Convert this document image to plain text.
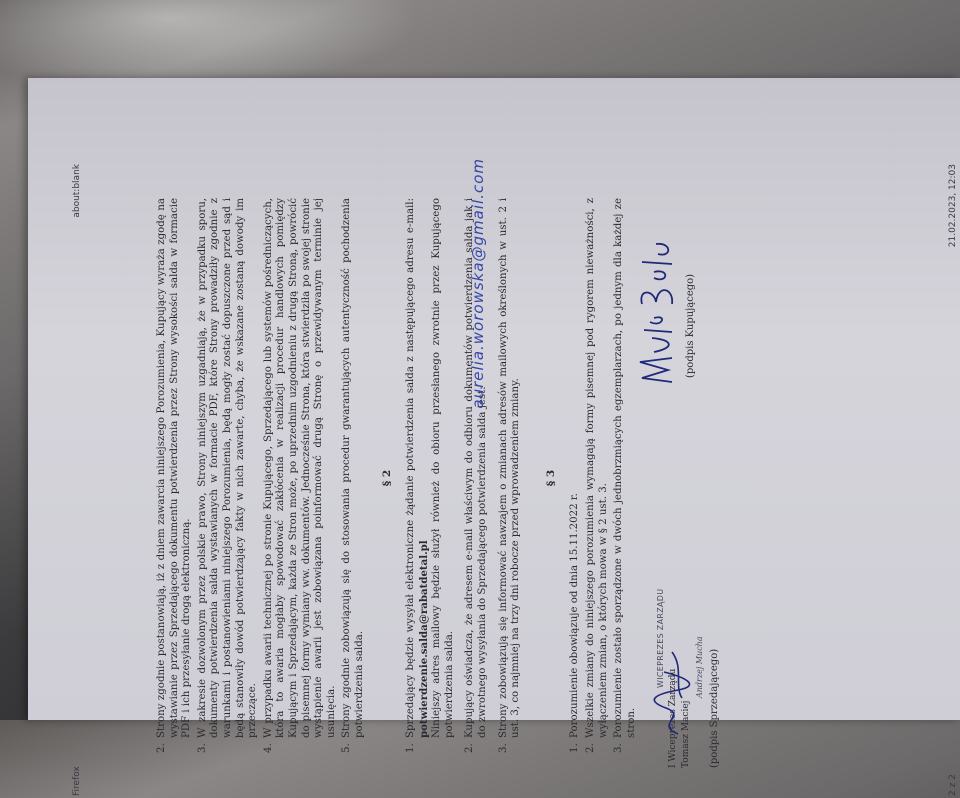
Firefox
about:blank
2. Strony zgodnie postanowiają, iż z dniem zawarcia niniejszego Porozumienia, Kupujący wyraża zgodę na wystawianie przez Sprzedającego dokumentu potwierdzenia przez Strony wysokości salda w formacie PDF i ich przesyłanie drogą elektroniczną. 3. W zakresie dozwolonym przez polskie prawo, Strony niniejszym uzgadniają, że w przypadku sporu, dokumenty potwierdzenia salda wystawianych w formacie PDF, które Strony prowadziły zgodnie z warunkami i postanowieniami niniejszego Porozumienia, będą mogły zostać dopuszczone przed sąd i będą stanowiły dowód potwierdzający fakty w nich zawarte, chyba, że wskazane zostaną dowody im przeczące. 4. W przypadku awarii technicznej po stronie Kupującego, Sprzedającego lub systemów pośredniczących, która to awaria mogłaby spowodować zakłócenia w realizacji procedur handlowych pomiędzy Kupującym i Sprzedającym, każda ze Stron może, po uprzednim uzgodnieniu z drugą Stroną, powrócić do pisemnej formy wymiany ww. dokumentów. Jednocześnie Strona, która stwierdziła po swojej stronie wystąpienie awarii jest zobowiązana poinformować drugą Stronę o przewidywanym terminie jej usunięcia. 5. Strony zgodnie zobowiązują się do stosowania procedur gwarantujących autentyczność pochodzenia potwierdzenia salda.
§ 2 1. Sprzedający będzie wysyłał elektroniczne żądanie potwierdzenia salda z następującego adresu e-mail: potwierdzenie.salda@rabatdetal.pl Niniejszy adres mailowy będzie służył również do obioru przesłanego zwrotnie przez Kupującego potwierdzenia salda. 2. Kupujący oświadcza, że adresem e-mail właściwym do odbioru dokumentów potwierdzenia salda jak i do zwrotnego wysyłania do Sprzedającego potwierdzenia salda jest:
aurelia.worowska@gmail.com 3. Strony zobowiązują się informować nawzajem o zmianach adresów mailowych określonych w ust. 2 i ust. 3, co najmniej na trzy dni robocze przed wprowadzeniem zmiany. § 3
1. Porozumienie obowiązuje od dnia 15.11.2022 r. 2. Wszelkie zmiany do niniejszego porozumienia wymagają formy pisemnej pod rygorem nieważności, z wyłączeniem zmian, o których mowa w § 2 ust. 3. 3. Porozumienie zostało sporządzone w dwóch jednobrzmiących egzemplarzach, po jednym dla każdej ze stron.
WICEPREZES ZARZĄDU
I Wiceprezes Zarządu Tomasz Maciej
Andrzej Mucha (podpis Sprzedającego)
(podpis Kupującego)
2 z 2
21.02.2023, 12:03
